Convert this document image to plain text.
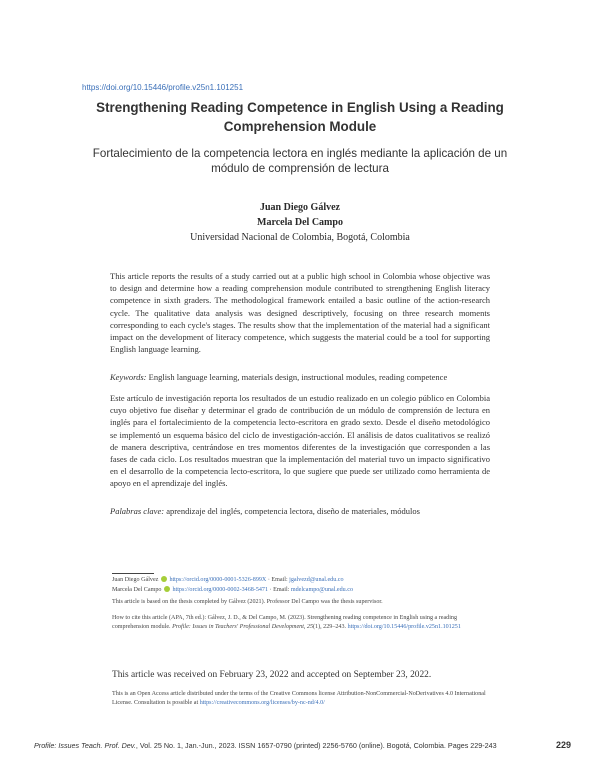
https://doi.org/10.15446/profile.v25n1.101251
Strengthening Reading Competence in English Using a Reading Comprehension Module
Fortalecimiento de la competencia lectora en inglés mediante la aplicación de un módulo de comprensión de lectura
Juan Diego Gálvez
Marcela Del Campo
Universidad Nacional de Colombia, Bogotá, Colombia
This article reports the results of a study carried out at a public high school in Colombia whose objective was to design and determine how a reading comprehension module contributed to strengthening English literacy competence in sixth graders. The methodological framework entailed a basic outline of the action-research cycle. The qualitative data analysis was designed descriptively, focusing on three research moments corresponding to each cycle's stages. The results show that the implementation of the material had a significant impact on the development of literacy competence, which suggests the material could be a tool for supporting English language learning.
Keywords: English language learning, materials design, instructional modules, reading competence
Este artículo de investigación reporta los resultados de un estudio realizado en un colegio público en Colombia cuyo objetivo fue diseñar y determinar el grado de contribución de un módulo de comprensión de lectura en inglés para el fortalecimiento de la competencia lecto-escritora en grado sexto. Desde el diseño metodológico se implementó un esquema básico del ciclo de investigación-acción. El análisis de datos cualitativos se realizó de manera descriptiva, centrándose en tres momentos diferentes de la investigación que corresponden a las fases de cada ciclo. Los resultados muestran que la implementación del material tuvo un impacto significativo en el desarrollo de la competencia lecto-escritora, lo que sugiere que puede ser utilizado como herramienta de apoyo en el aprendizaje del inglés.
Palabras clave: aprendizaje del inglés, competencia lectora, diseño de materiales, módulos
Juan Diego Gálvez https://orcid.org/0000-0001-5326-899X · Email: jgalvezd@unal.edu.co
Marcela Del Campo https://orcid.org/0000-0002-3468-5471 · Email: mdelcampo@unal.edu.co
This article is based on the thesis completed by Gálvez (2021). Professor Del Campo was the thesis supervisor.
How to cite this article (APA, 7th ed.): Gálvez, J. D., & Del Campo, M. (2023). Strengthening reading competence in English using a reading comprehension module. Profile: Issues in Teachers' Professional Development, 25(1), 229–243. https://doi.org/10.15446/profile.v25n1.101251
This article was received on February 23, 2022 and accepted on September 23, 2022.
This is an Open Access article distributed under the terms of the Creative Commons license Attribution-NonCommercial-NoDerivatives 4.0 International License. Consultation is possible at https://creativecommons.org/licenses/by-nc-nd/4.0/
Profile: Issues Teach. Prof. Dev., Vol. 25 No. 1, Jan.-Jun., 2023. ISSN 1657-0790 (printed) 2256-5760 (online). Bogotá, Colombia. Pages 229-243	229
